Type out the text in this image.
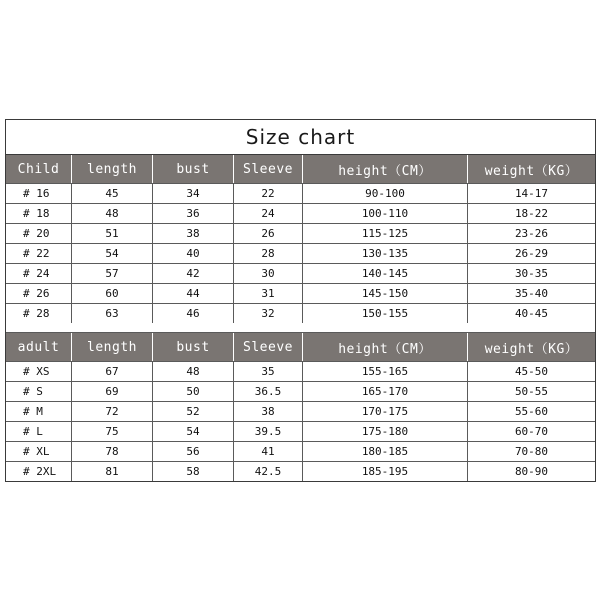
Size chart
Child	length	bust	Sleeve	height（CM）	weight（KG）
# 16	45	34	22	90-100	14-17
# 18	48	36	24	100-110	18-22
# 20	51	38	26	115-125	23-26
# 22	54	40	28	130-135	26-29
# 24	57	42	30	140-145	30-35
# 26	60	44	31	145-150	35-40
# 28	63	46	32	150-155	40-45
adult	length	bust	Sleeve	height（CM）	weight（KG）
# XS	67	48	35	155-165	45-50
# S	69	50	36.5	165-170	50-55
# M	72	52	38	170-175	55-60
# L	75	54	39.5	175-180	60-70
# XL	78	56	41	180-185	70-80
# 2XL	81	58	42.5	185-195	80-90
